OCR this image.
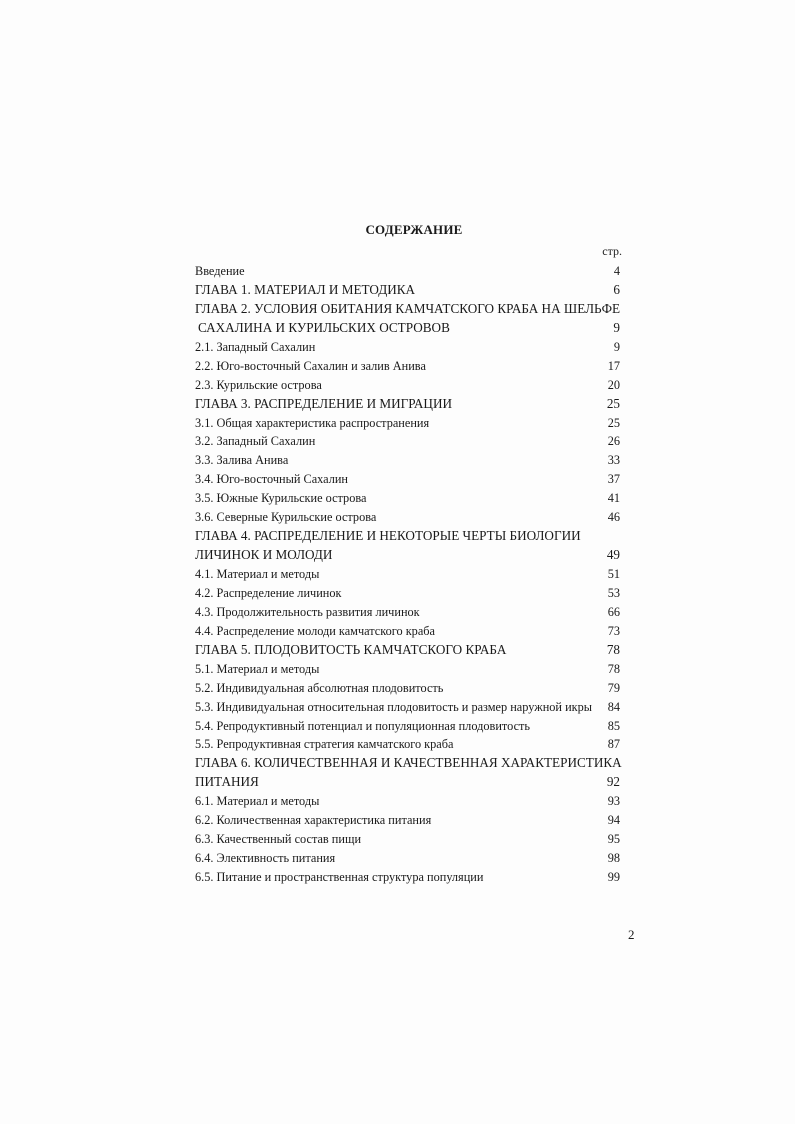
СОДЕРЖАНИЕ
стр.
Введение	4
ГЛАВА 1. МАТЕРИАЛ И МЕТОДИКА	6
ГЛАВА 2. УСЛОВИЯ ОБИТАНИЯ КАМЧАТСКОГО КРАБА НА ШЕЛЬФЕ
САХАЛИНА И КУРИЛЬСКИХ ОСТРОВОВ	9
2.1. Западный Сахалин	9
2.2. Юго-восточный Сахалин и залив Анива	17
2.3. Курильские острова	20
ГЛАВА 3. РАСПРЕДЕЛЕНИЕ И МИГРАЦИИ	25
3.1. Общая характеристика распространения	25
3.2. Западный Сахалин	26
3.3. Залива Анива	33
3.4. Юго-восточный Сахалин	37
3.5. Южные Курильские острова	41
3.6. Северные Курильские острова	46
ГЛАВА 4. РАСПРЕДЕЛЕНИЕ И НЕКОТОРЫЕ ЧЕРТЫ БИОЛОГИИ
ЛИЧИНОК И МОЛОДИ	49
4.1. Материал и методы	51
4.2. Распределение личинок	53
4.3. Продолжительность развития личинок	66
4.4. Распределение молоди камчатского краба	73
ГЛАВА 5. ПЛОДОВИТОСТЬ КАМЧАТСКОГО КРАБА	78
5.1. Материал и методы	78
5.2. Индивидуальная абсолютная плодовитость	79
5.3. Индивидуальная относительная плодовитость и размер наружной икры	84
5.4. Репродуктивный потенциал и популяционная плодовитость	85
5.5. Репродуктивная стратегия камчатского краба	87
ГЛАВА 6. КОЛИЧЕСТВЕННАЯ И КАЧЕСТВЕННАЯ ХАРАКТЕРИСТИКА
ПИТАНИЯ	92
6.1. Материал и методы	93
6.2. Количественная характеристика питания	94
6.3. Качественный состав пищи	95
6.4. Элективность питания	98
6.5. Питание и пространственная структура популяции	99
2
